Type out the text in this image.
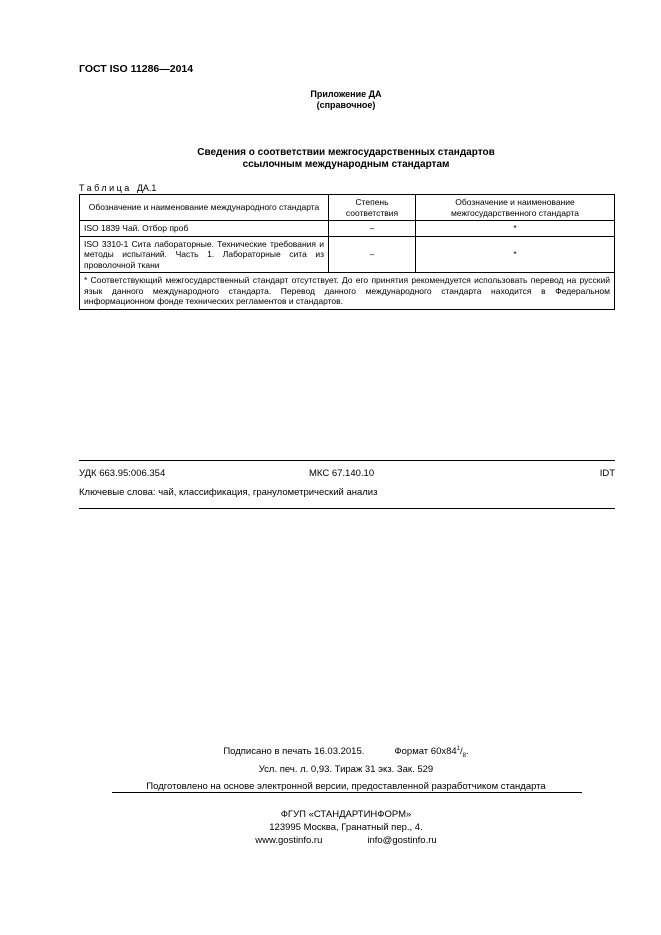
ГОСТ ISO 11286—2014
Приложение ДА
(справочное)
Сведения о соответствии межгосударственных стандартов
ссылочным международным стандартам
Таблица ДА.1
Обозначение и наименование международного стандарта	Степень соответствия	Обозначение и наименование межгосударственного стандарта
ISO 1839 Чай. Отбор проб	–	*
ISO 3310-1 Сита лабораторные. Технические требования и методы испытаний. Часть 1. Лабораторные сита из проволочной ткани	–	*
* Соответствующий межгосударственный стандарт отсутствует. До его принятия рекомендуется использовать перевод на русский язык данного международного стандарта. Перевод данного международного стандарта находится в Федеральном информационном фонде технических регламентов и стандартов.		
УДК 663.95:006.354	МКС 67.140.10	IDT
Ключевые слова: чай, классификация, гранулометрический анализ
Подписано в печать 16.03.2015.	Формат $60x84^1/_8$.
Усл. печ. л. 0,93. Тираж 31 экз. Зак. 529
Подготовлено на основе электронной версии, предоставленной разработчиком стандарта
ФГУП «СТАНДАРТИНФОРМ»
123995 Москва, Гранатный пер., 4.
www.gostinfo.ru	info@gostinfo.ru
